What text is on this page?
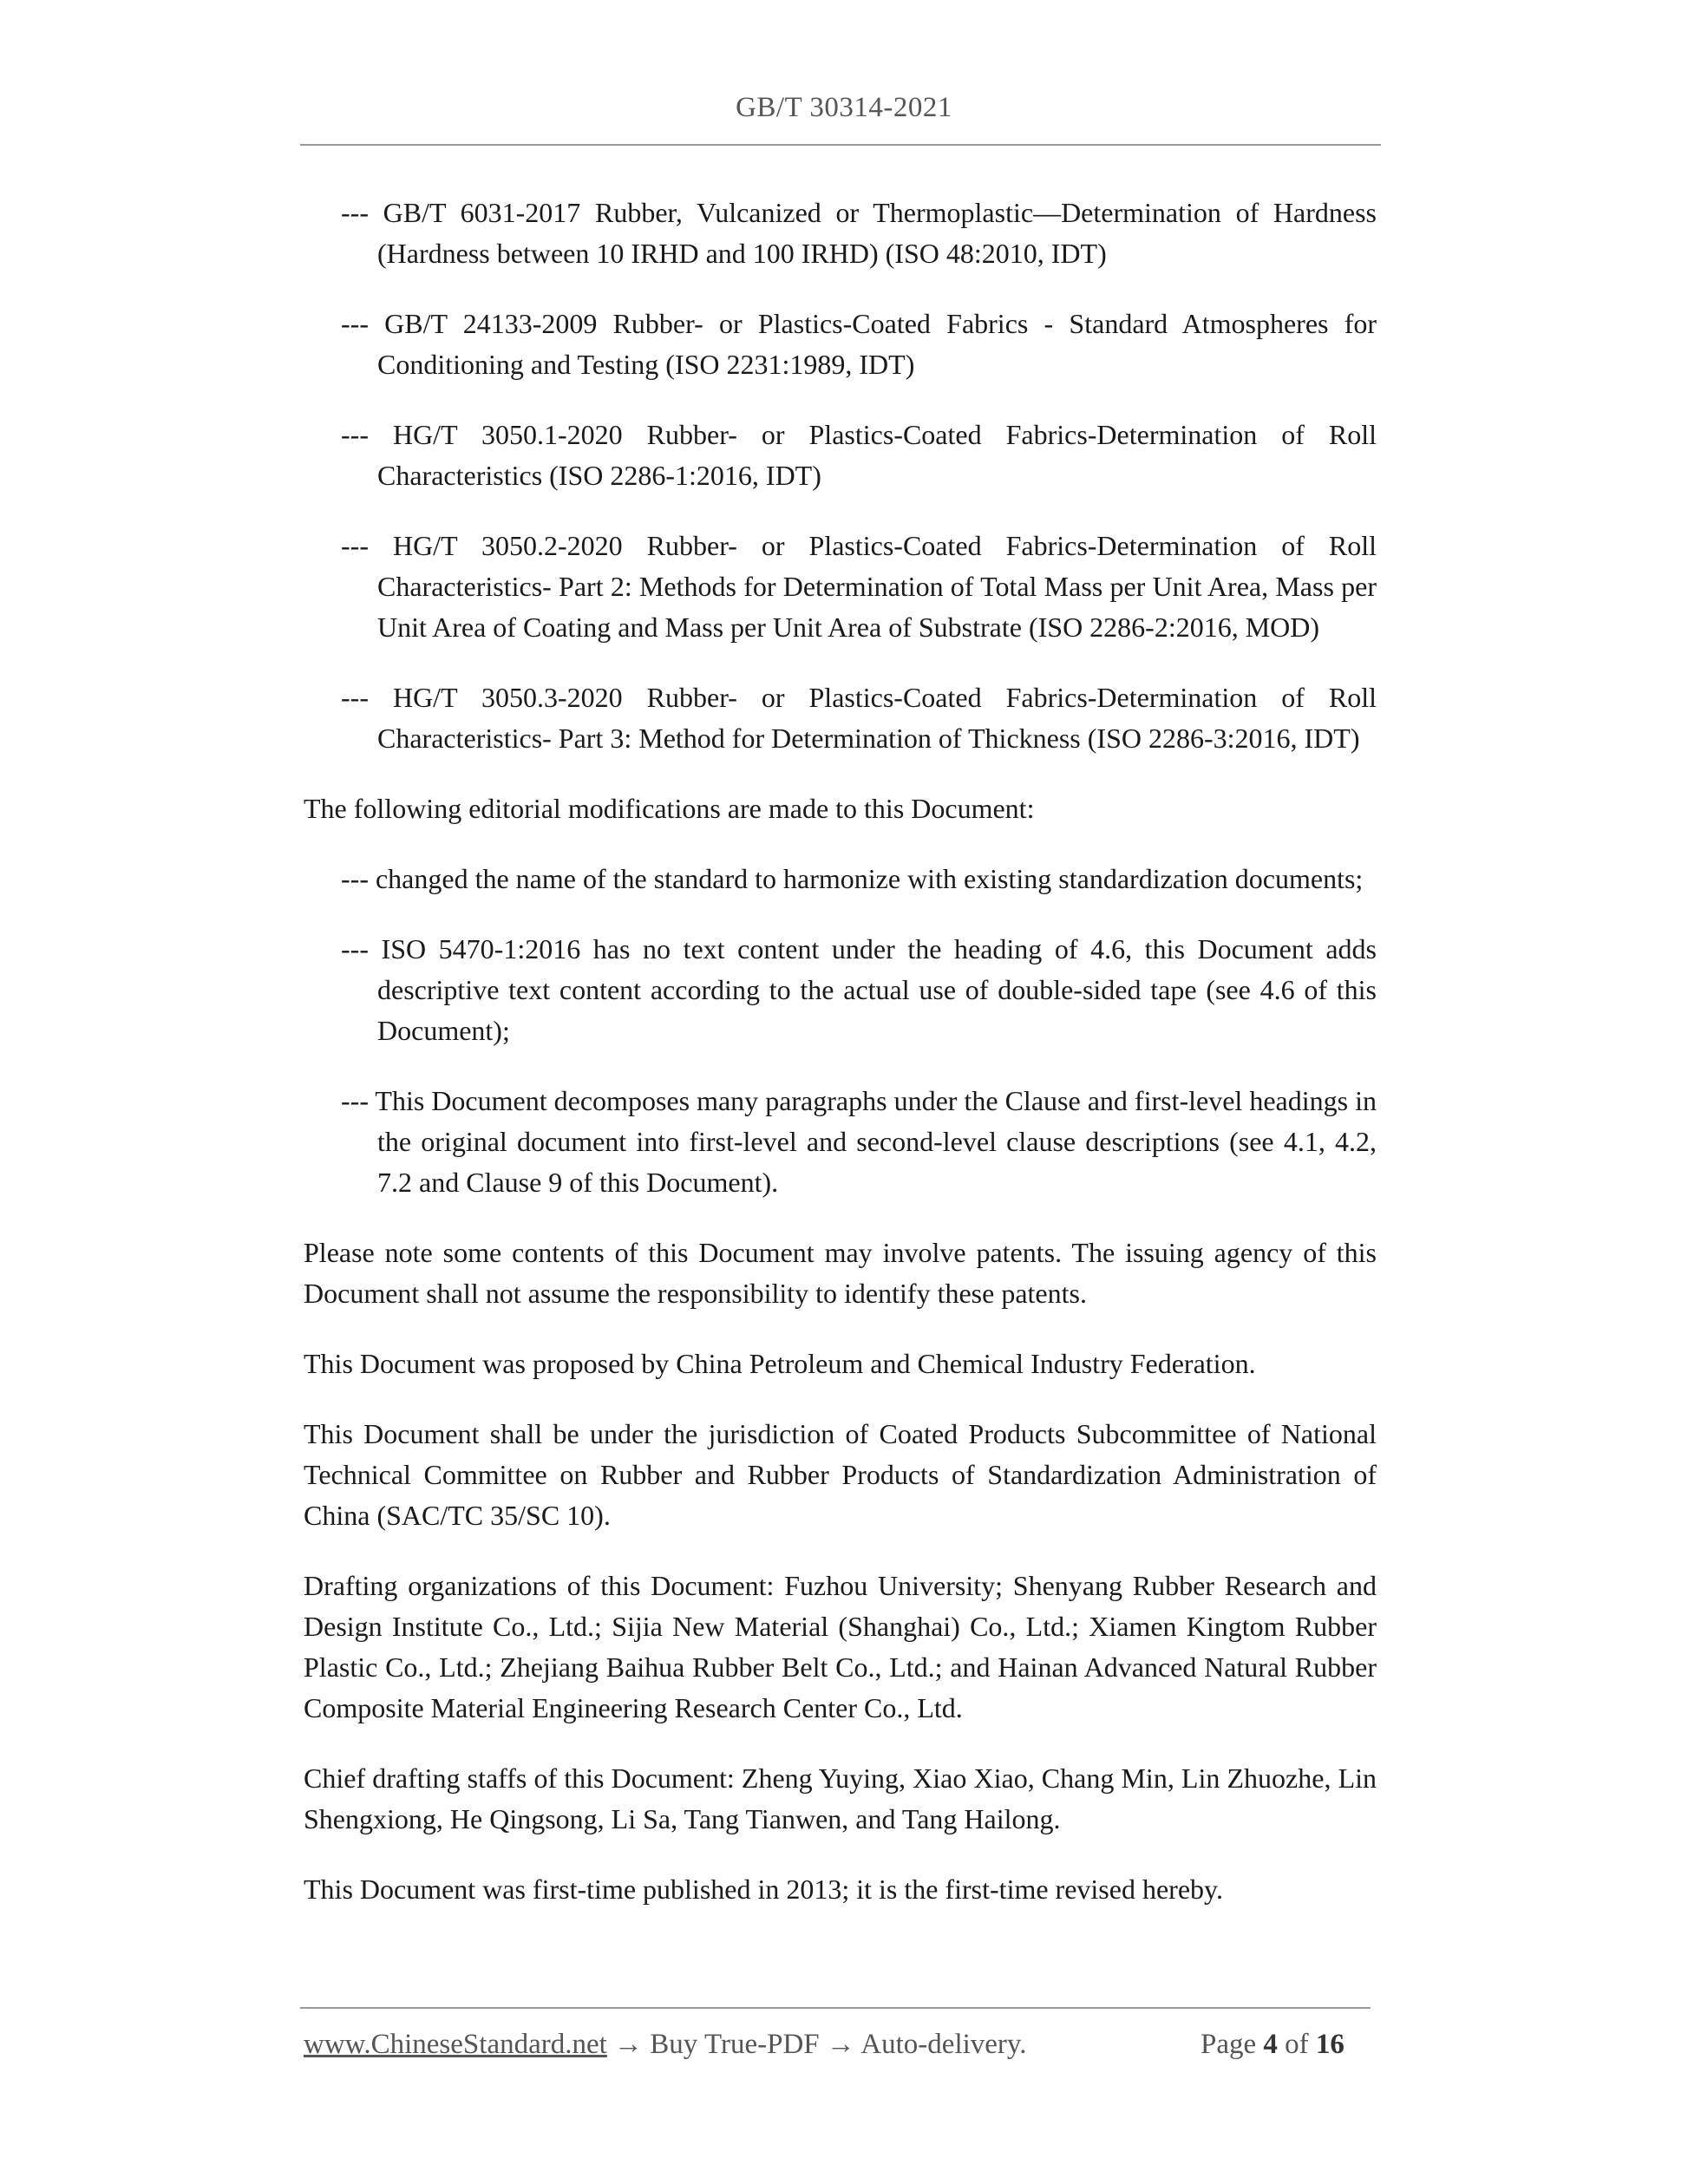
GB/T 30314-2021
--- GB/T 6031-2017 Rubber, Vulcanized or Thermoplastic—Determination of Hardness (Hardness between 10 IRHD and 100 IRHD) (ISO 48:2010, IDT)
--- GB/T 24133-2009 Rubber- or Plastics-Coated Fabrics - Standard Atmospheres for Conditioning and Testing (ISO 2231:1989, IDT)
--- HG/T 3050.1-2020 Rubber- or Plastics-Coated Fabrics-Determination of Roll Characteristics (ISO 2286-1:2016, IDT)
--- HG/T 3050.2-2020 Rubber- or Plastics-Coated Fabrics-Determination of Roll Characteristics- Part 2: Methods for Determination of Total Mass per Unit Area, Mass per Unit Area of Coating and Mass per Unit Area of Substrate (ISO 2286-2:2016, MOD)
--- HG/T 3050.3-2020 Rubber- or Plastics-Coated Fabrics-Determination of Roll Characteristics- Part 3: Method for Determination of Thickness (ISO 2286-3:2016, IDT)
The following editorial modifications are made to this Document:
--- changed the name of the standard to harmonize with existing standardization documents;
--- ISO 5470-1:2016 has no text content under the heading of 4.6, this Document adds descriptive text content according to the actual use of double-sided tape (see 4.6 of this Document);
--- This Document decomposes many paragraphs under the Clause and first-level headings in the original document into first-level and second-level clause descriptions (see 4.1, 4.2, 7.2 and Clause 9 of this Document).
Please note some contents of this Document may involve patents. The issuing agency of this Document shall not assume the responsibility to identify these patents.
This Document was proposed by China Petroleum and Chemical Industry Federation.
This Document shall be under the jurisdiction of Coated Products Subcommittee of National Technical Committee on Rubber and Rubber Products of Standardization Administration of China (SAC/TC 35/SC 10).
Drafting organizations of this Document: Fuzhou University; Shenyang Rubber Research and Design Institute Co., Ltd.; Sijia New Material (Shanghai) Co., Ltd.; Xiamen Kingtom Rubber Plastic Co., Ltd.; Zhejiang Baihua Rubber Belt Co., Ltd.; and Hainan Advanced Natural Rubber Composite Material Engineering Research Center Co., Ltd.
Chief drafting staffs of this Document: Zheng Yuying, Xiao Xiao, Chang Min, Lin Zhuozhe, Lin Shengxiong, He Qingsong, Li Sa, Tang Tianwen, and Tang Hailong.
This Document was first-time published in 2013; it is the first-time revised hereby.
www.ChineseStandard.net → Buy True-PDF → Auto-delivery.	Page 4 of 16
